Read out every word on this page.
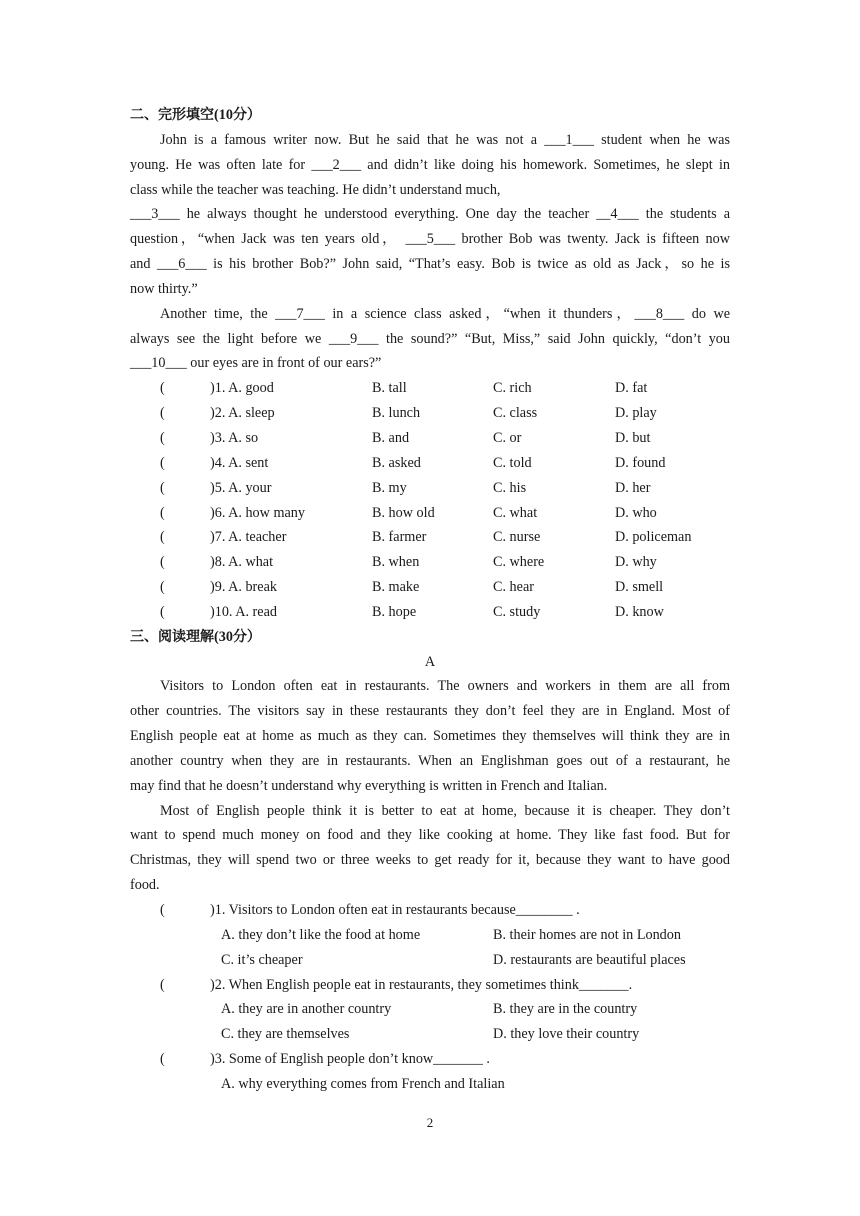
二、完形填空(10分）
John is a famous writer now. But he said that he was not a ___1___ student when he was
young. He was often late for ___2___ and didn’t like doing his homework. Sometimes, he slept in
class while the teacher was teaching. He didn’t understand much,
___3___ he always thought he understood everything. One day the teacher __4___ the students a
question，“when Jack was ten years old， ___5___ brother Bob was twenty. Jack is fifteen now
and ___6___ is his brother Bob?” John said, “That’s easy. Bob is twice as old as Jack，so he is
now thirty.”
Another time, the ___7___ in a science class asked，“when it thunders，___8___ do we
always see the light before we ___9___ the sound?” “But, Miss,” said John quickly, “don’t you
___10___ our eyes are in front of our ears?”
(	)1. A. good	B. tall	C. rich	D. fat
(	)2. A. sleep	B. lunch	C. class	D. play
(	)3. A. so	B. and	C. or	D. but
(	)4. A. sent	B. asked	C. told	D. found
(	)5. A. your	B. my	C. his	D. her
(	)6. A. how many	B. how old	C. what	D. who
(	)7. A. teacher	B. farmer	C. nurse	D. policeman
(	)8. A. what	B. when	C. where	D. why
(	)9. A. break	B. make	C. hear	D. smell
(	)10. A. read	B. hope	C. study	D. know
三、阅读理解(30分）
A
Visitors to London often eat in restaurants. The owners and workers in them are all from
other countries. The visitors say in these restaurants they don’t feel they are in England. Most of
English people eat at home as much as they can. Sometimes they themselves will think they are in
another country when they are in restaurants. When an Englishman goes out of a restaurant, he
may find that he doesn’t understand why everything is written in French and Italian.
Most of English people think it is better to eat at home, because it is cheaper. They don’t
want to spend much money on food and they like cooking at home. They like fast food. But for
Christmas, they will spend two or three weeks to get ready for it, because they want to have good
food.
(	)1. Visitors to London often eat in restaurants because________ .
A. they don’t like the food at home	B. their homes are not in London
C. it’s cheaper	D. restaurants are beautiful places
(	)2. When English people eat in restaurants, they sometimes think_______.
A. they are in another country	B. they are in the country
C. they are themselves	D. they love their country
(	)3. Some of English people don’t know_______ .
A. why everything comes from French and Italian
2
